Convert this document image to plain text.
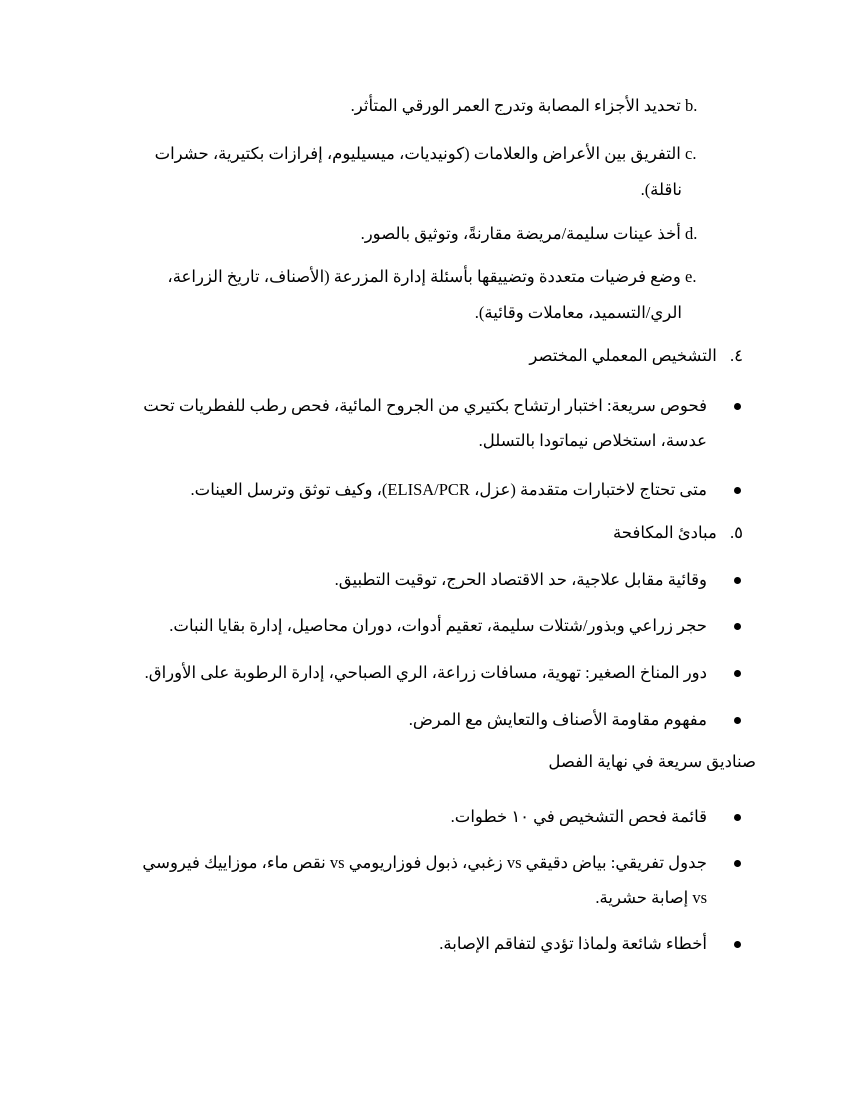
b. تحديد الأجزاء المصابة وتدرج العمر الورقي المتأثر.
c. التفريق بين الأعراض والعلامات (كونيديات، ميسيليوم، إفرازات بكتيرية، حشرات
ناقلة).
d. أخذ عينات سليمة/مريضة مقارنةً، وتوثيق بالصور.
e. وضع فرضيات متعددة وتضييقها بأسئلة إدارة المزرعة (الأصناف، تاريخ الزراعة،
الري/التسميد، معاملات وقائية).
٤. التشخيص المعملي المختصر
فحوص سريعة: اختبار ارتشاح بكتيري من الجروح المائية، فحص رطب للفطريات تحت
عدسة، استخلاص نيماتودا بالتسلل.
متى تحتاج لاختبارات متقدمة (عزل، ELISA/PCR)، وكيف توثق وترسل العينات.
٥. مبادئ المكافحة
وقائية مقابل علاجية، حد الاقتصاد الحرج، توقيت التطبيق.
حجر زراعي وبذور/شتلات سليمة، تعقيم أدوات، دوران محاصيل، إدارة بقايا النبات.
دور المناخ الصغير: تهوية، مسافات زراعة، الري الصباحي، إدارة الرطوبة على الأوراق.
مفهوم مقاومة الأصناف والتعايش مع المرض.
صناديق سريعة في نهاية الفصل
قائمة فحص التشخيص في ١٠ خطوات.
جدول تفريقي: بياض دقيقي vs زغبي، ذبول فوزاريومي vs نقص ماء، موزاييك فيروسي
vs إصابة حشرية.
أخطاء شائعة ولماذا تؤدي لتفاقم الإصابة.
